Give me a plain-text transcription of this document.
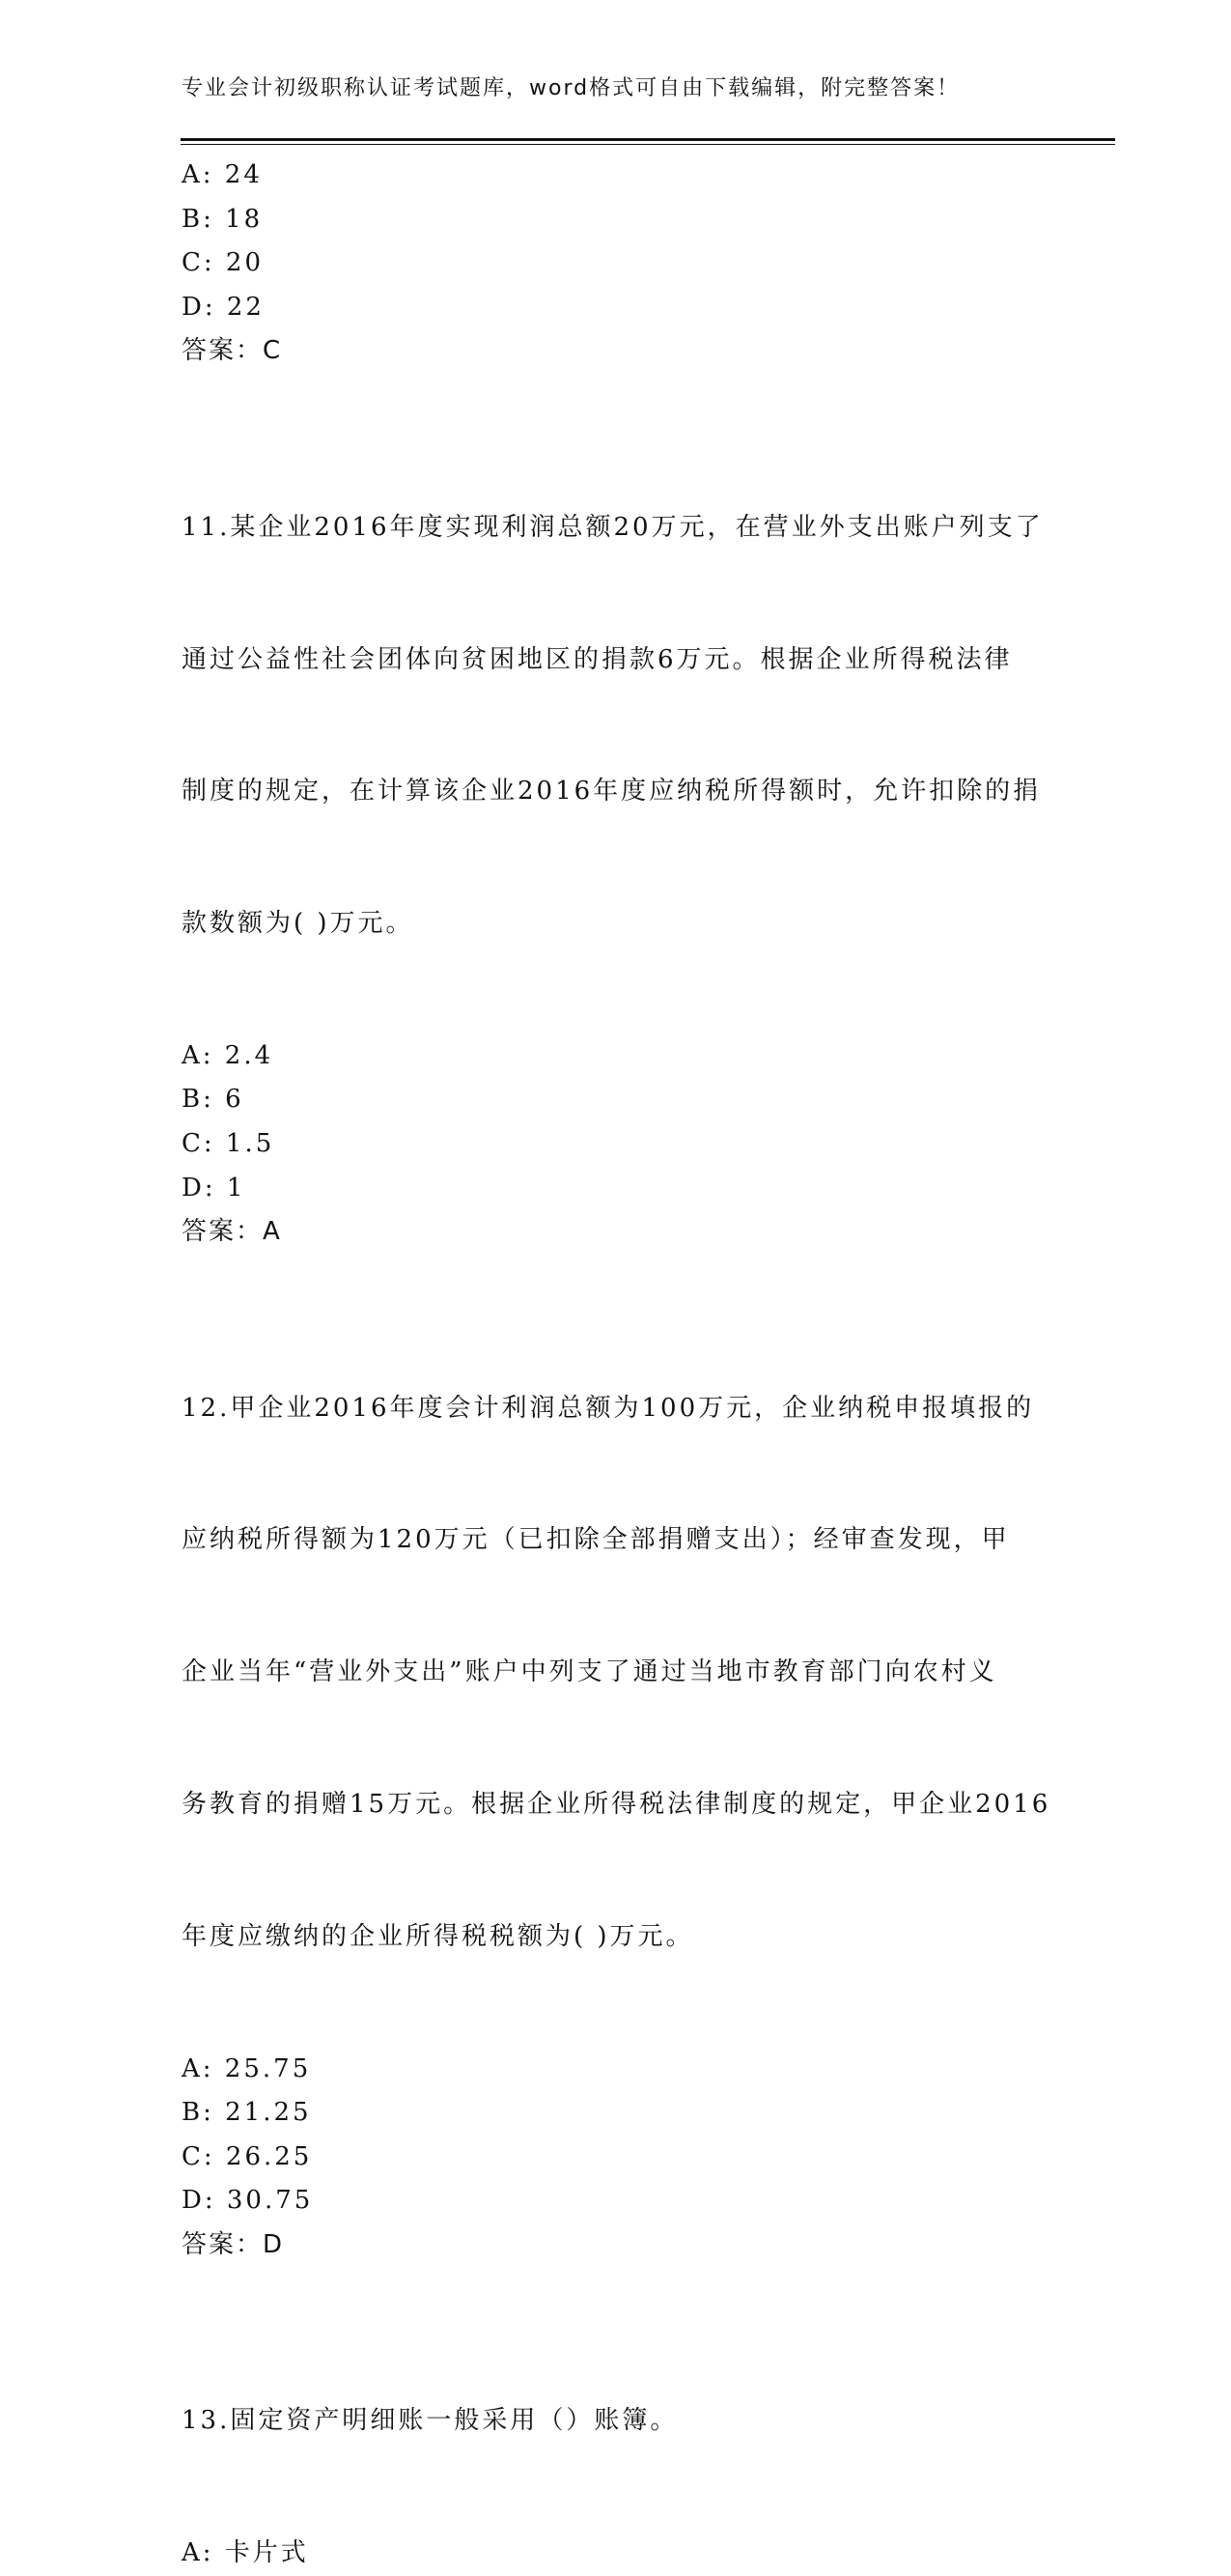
专业会计初级职称认证考试题库，word格式可自由下载编辑，附完整答案！
A: 24
B: 18
C: 20
D: 22
答案：C

11.某企业2016年度实现利润总额20万元，在营业外支出账户列支了

通过公益性社会团体向贫困地区的捐款6万元。根据企业所得税法律

制度的规定，在计算该企业2016年度应纳税所得额时，允许扣除的捐

款数额为( )万元。

A: 2.4
B: 6
C: 1.5
D: 1
答案：A

12.甲企业2016年度会计利润总额为100万元，企业纳税申报填报的

应纳税所得额为120万元（已扣除全部捐赠支出）；经审查发现，甲

企业当年“营业外支出”账户中列支了通过当地市教育部门向农村义

务教育的捐赠15万元。根据企业所得税法律制度的规定，甲企业2016

年度应缴纳的企业所得税税额为( )万元。

A: 25.75
B: 21.25
C: 26.25
D: 30.75
答案：D

13.固定资产明细账一般采用（）账簿。

A: 卡片式
